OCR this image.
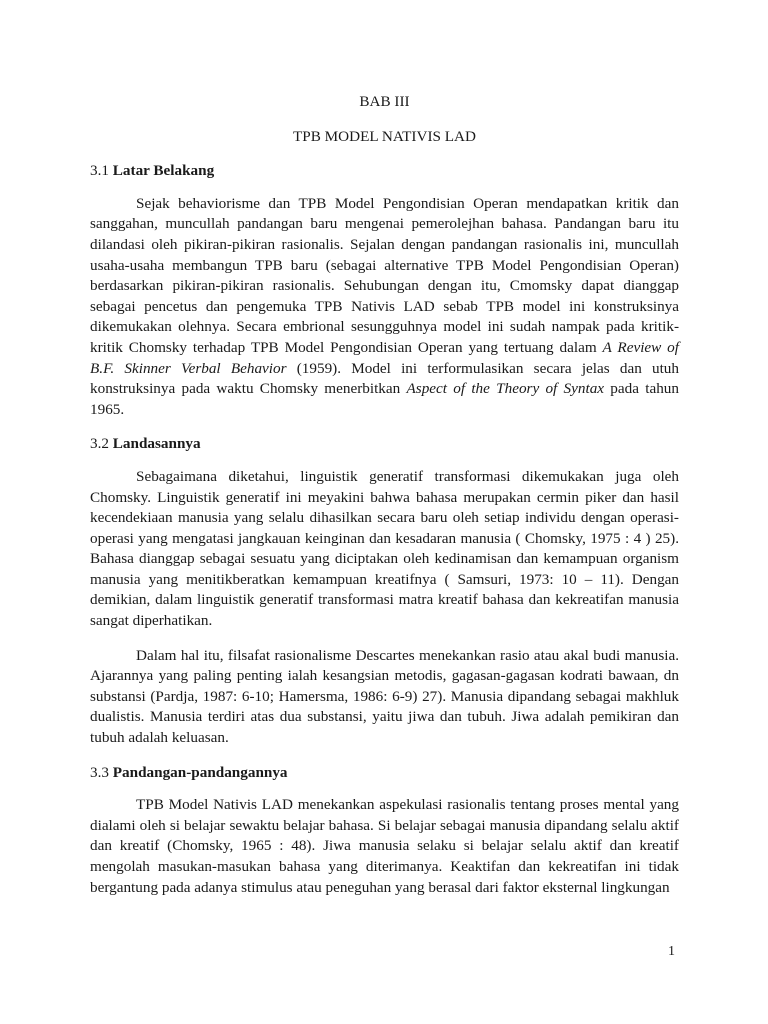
BAB III
TPB MODEL NATIVIS LAD
3.1 Latar Belakang

Sejak behaviorisme dan TPB Model Pengondisian Operan mendapatkan kritik dan sanggahan, muncullah pandangan baru mengenai pemerolejhan bahasa. Pandangan baru itu dilandasi oleh pikiran-pikiran rasionalis. Sejalan dengan pandangan rasionalis ini, muncullah usaha-usaha membangun TPB baru (sebagai alternative TPB Model Pengondisian Operan) berdasarkan pikiran-pikiran rasionalis. Sehubungan dengan itu, Cmomsky dapat dianggap sebagai pencetus dan pengemuka TPB Nativis LAD sebab TPB model ini konstruksinya dikemukakan olehnya. Secara embrional sesungguhnya model ini sudah nampak pada kritik-kritik Chomsky terhadap TPB Model Pengondisian Operan yang tertuang dalam A Review of B.F. Skinner Verbal Behavior (1959). Model ini terformulasikan secara jelas dan utuh konstruksinya pada waktu Chomsky menerbitkan Aspect of the Theory of Syntax pada tahun 1965.

3.2 Landasannya

Sebagaimana diketahui, linguistik generatif transformasi dikemukakan juga oleh Chomsky. Linguistik generatif ini meyakini bahwa bahasa merupakan cermin piker dan hasil kecendekiaan manusia yang selalu dihasilkan secara baru oleh setiap individu dengan operasi-operasi yang mengatasi jangkauan keinginan dan kesadaran manusia ( Chomsky, 1975 : 4 ) 25). Bahasa dianggap sebagai sesuatu yang diciptakan oleh kedinamisan dan kemampuan organism manusia yang menitikberatkan kemampuan kreatifnya ( Samsuri, 1973: 10 – 11). Dengan demikian, dalam linguistik generatif transformasi matra kreatif bahasa dan kekreatifan manusia sangat diperhatikan.

Dalam hal itu, filsafat rasionalisme Descartes menekankan rasio atau akal budi manusia. Ajarannya yang paling penting ialah kesangsian metodis, gagasan-gagasan kodrati bawaan, dn substansi (Pardja, 1987: 6-10; Hamersma, 1986: 6-9) 27). Manusia dipandang sebagai makhluk dualistis. Manusia terdiri atas dua substansi, yaitu jiwa dan tubuh. Jiwa adalah pemikiran dan tubuh adalah keluasan.

3.3 Pandangan-pandangannya

TPB Model Nativis LAD menekankan aspekulasi rasionalis tentang proses mental yang dialami oleh si belajar sewaktu belajar bahasa. Si belajar sebagai manusia dipandang selalu aktif dan kreatif (Chomsky, 1965 : 48). Jiwa manusia selaku si belajar selalu aktif dan kreatif mengolah masukan-masukan bahasa yang diterimanya. Keaktifan dan kekreatifan ini tidak bergantung pada adanya stimulus atau peneguhan yang berasal dari faktor eksternal lingkungan

1
